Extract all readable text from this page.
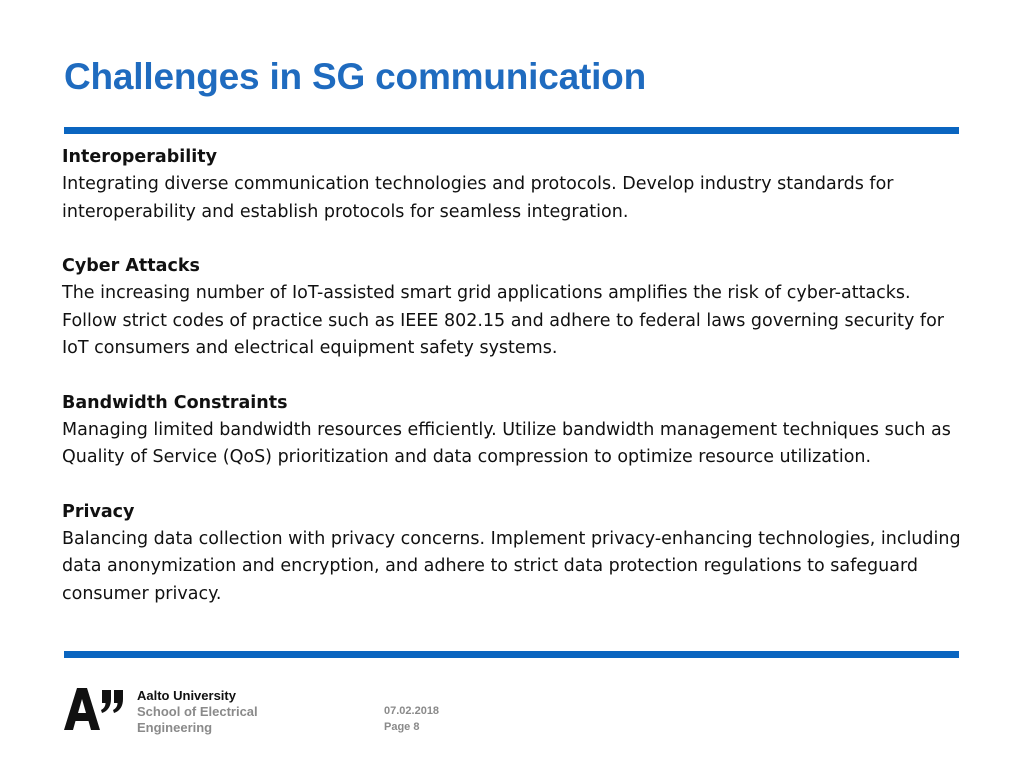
Challenges in SG communication
Interoperability

Integrating diverse communication technologies and protocols. Develop industry standards for interoperability and establish protocols for seamless integration.

Cyber Attacks

The increasing number of IoT-assisted smart grid applications amplifies the risk of cyber-attacks. Follow strict codes of practice such as IEEE 802.15 and adhere to federal laws governing security for IoT consumers and electrical equipment safety systems.

Bandwidth Constraints

Managing limited bandwidth resources efficiently. Utilize bandwidth management techniques such as Quality of Service (QoS) prioritization and data compression to optimize resource utilization.

Privacy

Balancing data collection with privacy concerns. Implement privacy-enhancing technologies, including data anonymization and encryption, and adhere to strict data protection regulations to safeguard consumer privacy.

Aalto University
School of Electrical
Engineering
07.02.2018
Page 8
